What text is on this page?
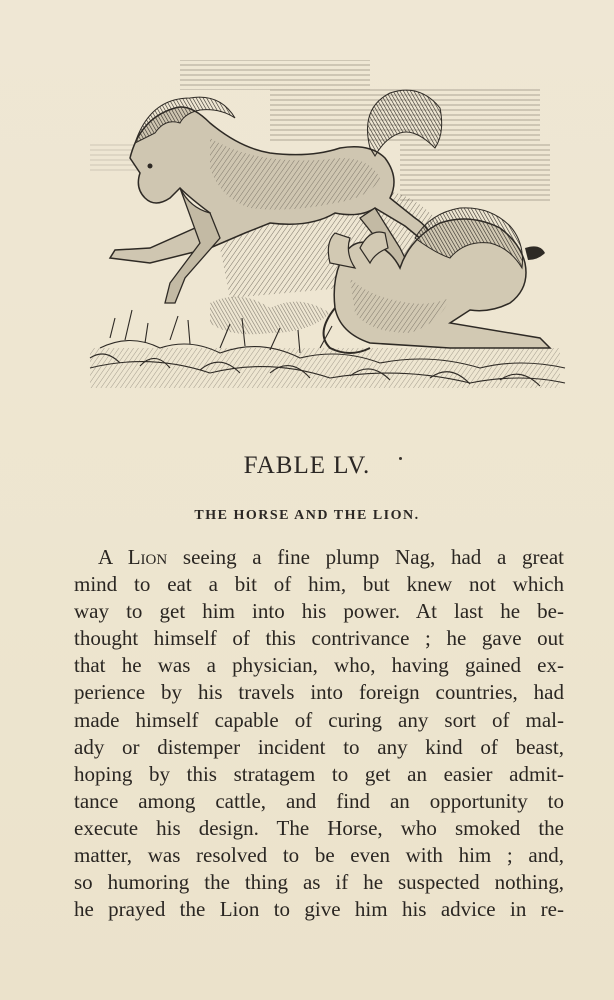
FABLE LV.
THE HORSE AND THE LION.
A Lion seeing a fine plump Nag, had a great
mind to eat a bit of him, but knew not which
way to get him into his power. At last he be-
thought himself of this contrivance ; he gave out
that he was a physician, who, having gained ex-
perience by his travels into foreign countries, had
made himself capable of curing any sort of mal-
ady or distemper incident to any kind of beast,
hoping by this stratagem to get an easier admit-
tance among cattle, and find an opportunity to
execute his design. The Horse, who smoked the
matter, was resolved to be even with him ; and,
so humoring the thing as if he suspected nothing,
he prayed the Lion to give him his advice in re-
